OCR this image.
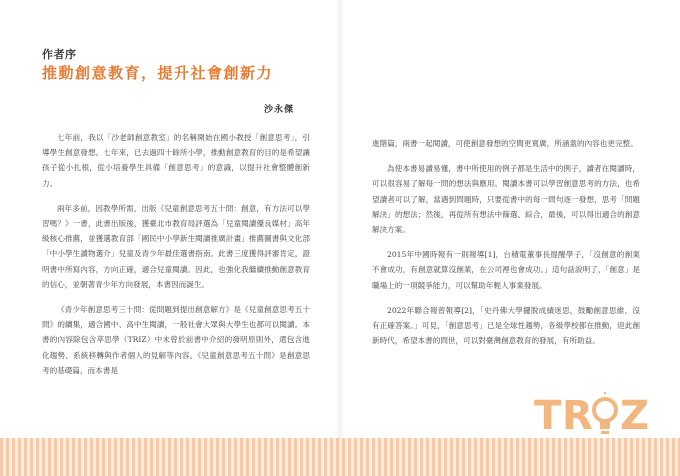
作者序
推動創意教育，提升社會創新力
沙永傑

七年前，我以「沙老師創意教室」的名稱開始在國小教授「創意思考」，引導學生創意發想。七年來，已去過四十餘所小學，推動創意教育的目的是希望讓孩子從小扎根，從小培養學生具備「創意思考」的意識，以提升社會整體創新力。

兩年多前，因教學所需，出版《兒童創意思考五十問：創意，有方法可以學習嗎？》一書，此書出版後，獲臺北市教育局評選為「兒童閱讀優良媒材」高年級核心推薦，並獲選教育部「國民中小學新生閱讀推廣計畫」推薦圖書與文化部「中小學生讀物選介」兒童及青少年最佳選書指南。此書三度獲得評審肯定，證明書中所寫內容，方向正確，適合兒童閱讀。因此，也強化我繼續推動創意教育的信心，並朝著青少年方向發展，本書因而誕生。

《青少年創意思考三十問：從問題到提出創意解方》是《兒童創意思考五十問》的續集，適合國中、高中生閱讀，一般社會大眾與大學生也都可以閱讀。本書的內容除包含萃思學（TRIZ）中未曾於前書中介紹的發明原則外，還包含進化趨勢、系統移轉與作者個人的見解等內容。《兒童創意思考五十問》是創意思考的基礎篇，而本書是

進階篇，兩書一起閱讀，可使創意發想的空間更寬廣，所涵蓋的內容也更完整。

為使本書易讀易懂，書中所使用的例子都是生活中的例子，讀者在閱讀時，可以很容易了解每一問的想法與應用。閱讀本書可以學習創意思考的方法，也希望讀者可以了解，當遇到問題時，只要從書中的每一問句逐一發想，思考「問題解決」的想法；然後，再從所有想法中篩選、綜合，最後，可以得出適合的創意解決方案。

2015年中國時報有一則報導[1]，台積電董事長提醒學子，「沒創意的創業不會成功，有創意就算沒創業，在公司裡也會成功。」這句話說明了，「創意」是職場上的一項競爭能力，可以幫助年輕人事業發展。

2022年聯合報曾報導[2]，「史丹佛大學擺脫成績迷思，鼓勵創意思維，沒有正確答案。」可見，「創意思考」已是全球性趨勢，各級學校都在推動，迎此創新時代，希望本書的問世，可以對臺灣創意教育的發展，有所助益。

T R Z
